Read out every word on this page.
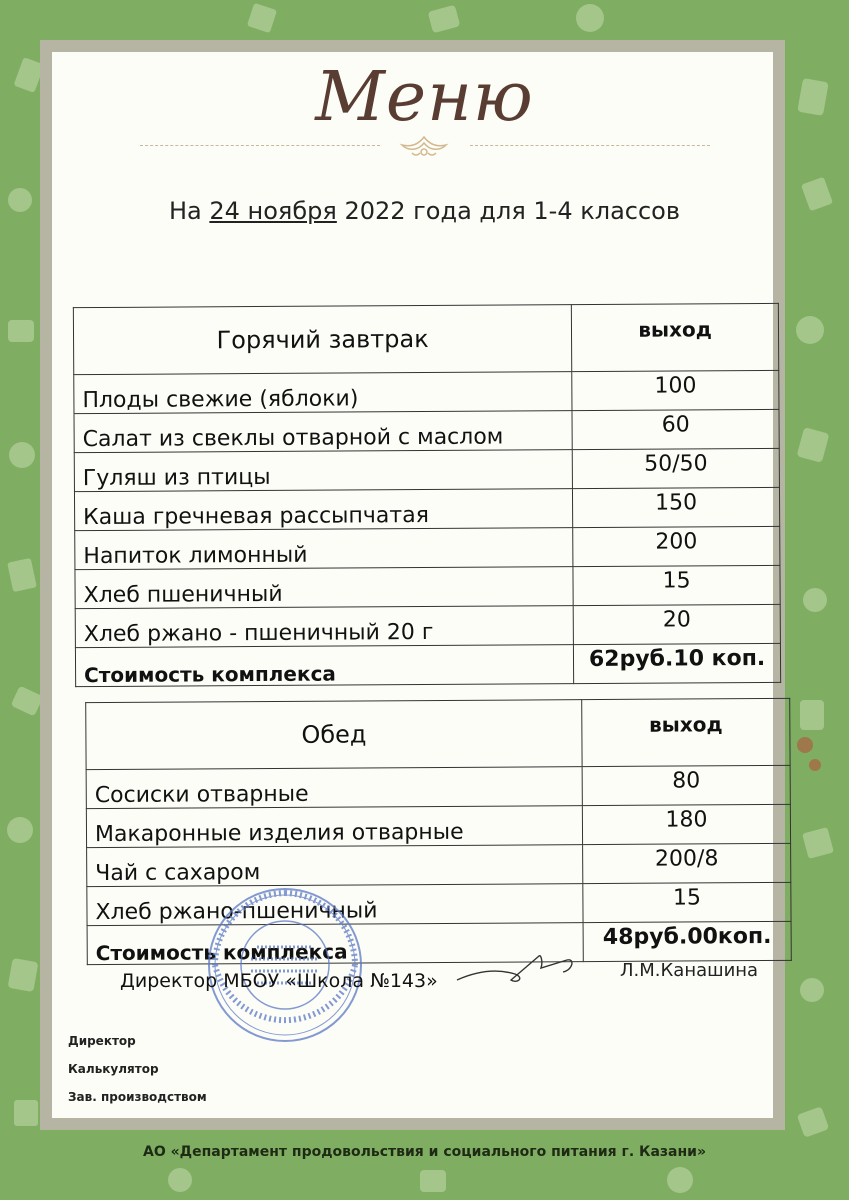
Меню
На 24 ноября 2022 года для 1-4 классов
Горячий завтрак	выход
Плоды свежие (яблоки)	100
Салат из свеклы отварной с маслом	60
Гуляш из птицы	50/50
Каша гречневая рассыпчатая	150
Напиток лимонный	200
Хлеб пшеничный	15
Хлеб ржано - пшеничный 20 г	20
Стоимость комплекса	62руб.10 коп.
Обед	выход
Сосиски отварные	80
Макаронные изделия отварные	180
Чай с сахаром	200/8
Хлеб ржано-пшеничный	15
Стоимость комплекса	48руб.00коп.
Директор МБОУ «Школа №143»	Л.М.Канашина
Директор
Калькулятор
Зав. производством
АО «Департамент продовольствия и социального питания г. Казани»
